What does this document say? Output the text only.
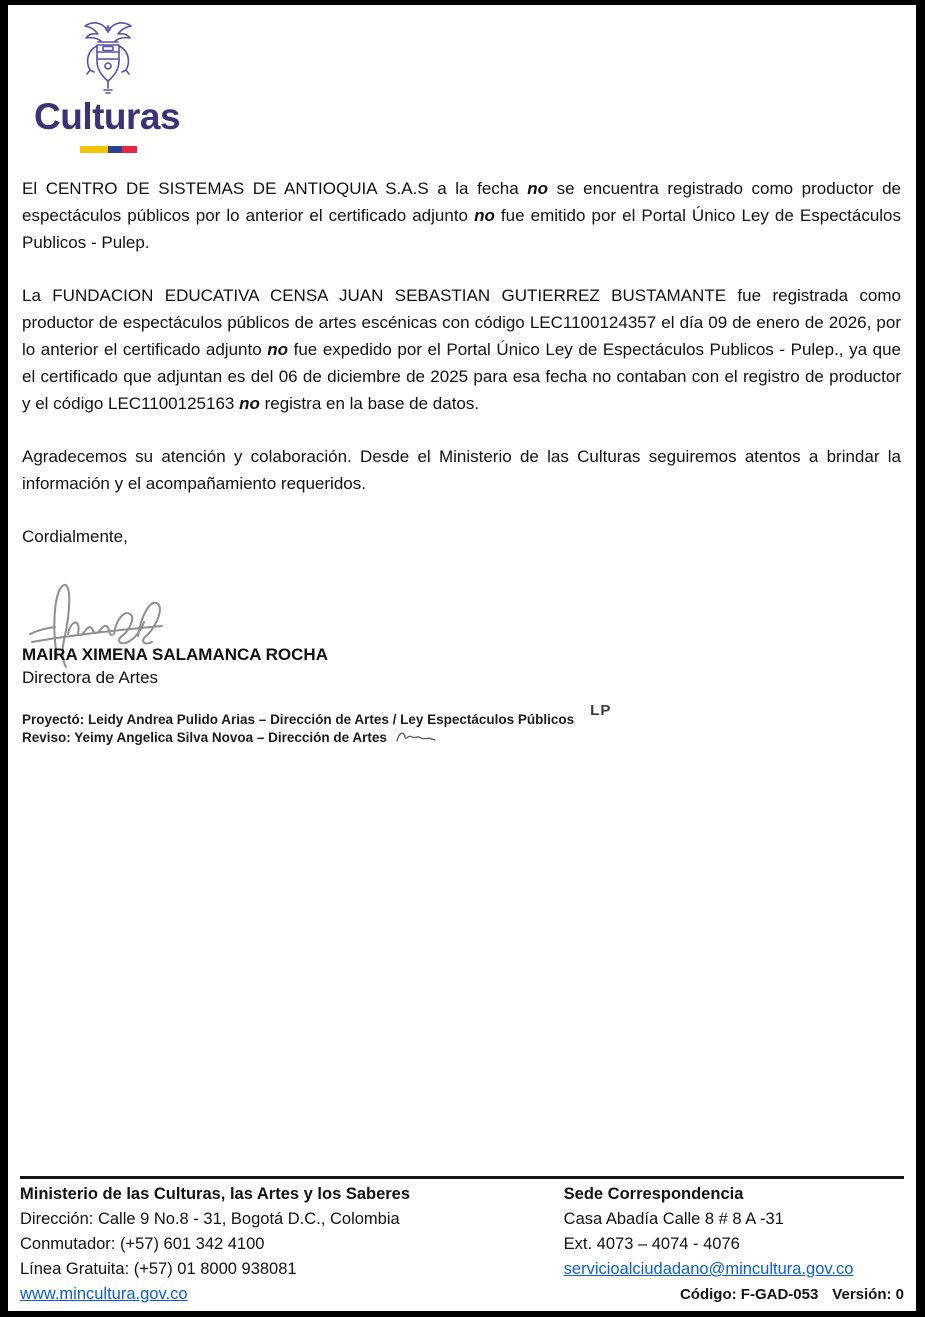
Culturas

El CENTRO DE SISTEMAS DE ANTIOQUIA S.A.S a la fecha no se encuentra registrado como productor de espectáculos públicos por lo anterior el certificado adjunto no fue emitido por el Portal Único Ley de Espectáculos Publicos - Pulep.

La FUNDACION EDUCATIVA CENSA JUAN SEBASTIAN GUTIERREZ BUSTAMANTE fue registrada como productor de espectáculos públicos de artes escénicas con código LEC1100124357 el día 09 de enero de 2026, por lo anterior el certificado adjunto no fue expedido por el Portal Único Ley de Espectáculos Publicos - Pulep., ya que el certificado que adjuntan es del 06 de diciembre de 2025 para esa fecha no contaban con el registro de productor y el código LEC1100125163 no registra en la base de datos.

Agradecemos su atención y colaboración. Desde el Ministerio de las Culturas seguiremos atentos a brindar la información y el acompañamiento requeridos.

Cordialmente,

MAIRA XIMENA SALAMANCA ROCHA
Directora de Artes
Proyectó: Leidy Andrea Pulido Arias – Dirección de Artes / Ley Espectáculos PúblicosLP
Reviso: Yeimy Angelica Silva Novoa – Dirección de Artes
Ministerio de las Culturas, las Artes y los Saberes
Dirección: Calle 9 No.8 - 31, Bogotá D.C., Colombia
Conmutador: (+57) 601 342 4100
Línea Gratuita: (+57) 01 8000 938081
www.mincultura.gov.co
Sede Correspondencia
Casa Abadía Calle 8 # 8 A -31
Ext. 4073 – 4074 - 4076
servicioalciudadano@mincultura.gov.co
Código: F-GAD-053 Versión: 0
